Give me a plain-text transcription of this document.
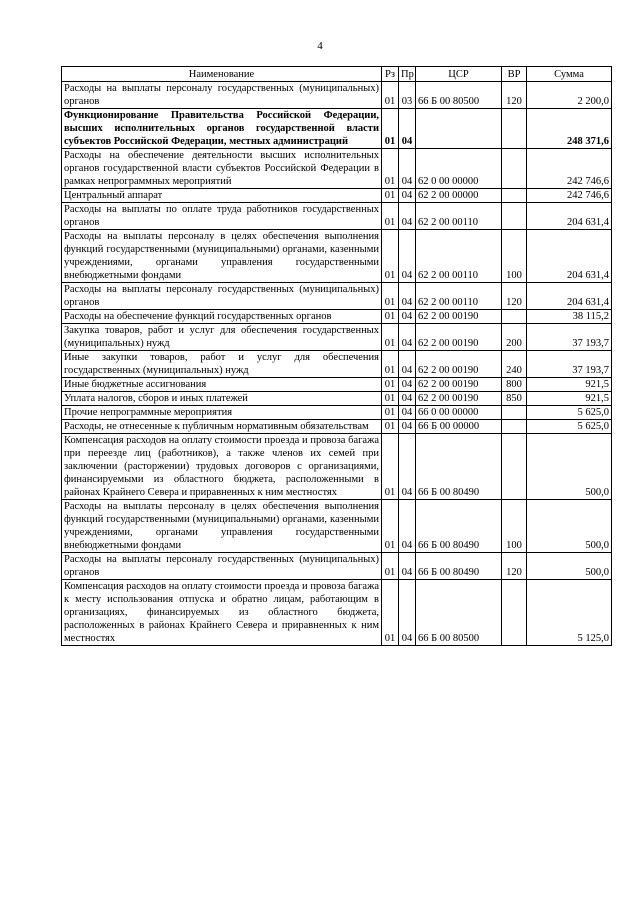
4
Наименование	Рз	Пр	ЦСР	ВР	Сумма
Расходы на выплаты персоналу государственных (муниципальных) органов	01	03	66 Б 00 80500	120	2 200,0
Функционирование Правительства Российской Федерации, высших исполнительных органов государственной власти субъектов Российской Федерации, местных администраций	01	04			248 371,6
Расходы на обеспечение деятельности высших исполнительных органов государственной власти субъектов Российской Федерации в рамках непрограммных мероприятий	01	04	62 0 00 00000		242 746,6
Центральный аппарат	01	04	62 2 00 00000		242 746,6
Расходы на выплаты по оплате труда работников государственных органов	01	04	62 2 00 00110		204 631,4
Расходы на выплаты персоналу в целях обеспечения выполнения функций государственными (муниципальными) органами, казенными учреждениями, органами управления государственными внебюджетными фондами	01	04	62 2 00 00110	100	204 631,4
Расходы на выплаты персоналу государственных (муниципальных) органов	01	04	62 2 00 00110	120	204 631,4
Расходы на обеспечение функций государственных органов	01	04	62 2 00 00190		38 115,2
Закупка товаров, работ и услуг для обеспечения государственных (муниципальных) нужд	01	04	62 2 00 00190	200	37 193,7
Иные закупки товаров, работ и услуг для обеспечения государственных (муниципальных) нужд	01	04	62 2 00 00190	240	37 193,7
Иные бюджетные ассигнования	01	04	62 2 00 00190	800	921,5
Уплата налогов, сборов и иных платежей	01	04	62 2 00 00190	850	921,5
Прочие непрограммные мероприятия	01	04	66 0 00 00000		5 625,0
Расходы, не отнесенные к публичным нормативным обязательствам	01	04	66 Б 00 00000		5 625,0
Компенсация расходов на оплату стоимости проезда и провоза багажа при переезде лиц (работников), а также членов их семей при заключении (расторжении) трудовых договоров с организациями, финансируемыми из областного бюджета, расположенными в районах Крайнего Севера и приравненных к ним местностях	01	04	66 Б 00 80490		500,0
Расходы на выплаты персоналу в целях обеспечения выполнения функций государственными (муниципальными) органами, казенными учреждениями, органами управления государственными внебюджетными фондами	01	04	66 Б 00 80490	100	500,0
Расходы на выплаты персоналу государственных (муниципальных) органов	01	04	66 Б 00 80490	120	500,0
Компенсация расходов на оплату стоимости проезда и провоза багажа к месту использования отпуска и обратно лицам, работающим в организациях, финансируемых из областного бюджета, расположенных в районах Крайнего Севера и приравненных к ним местностях	01	04	66 Б 00 80500		5 125,0
